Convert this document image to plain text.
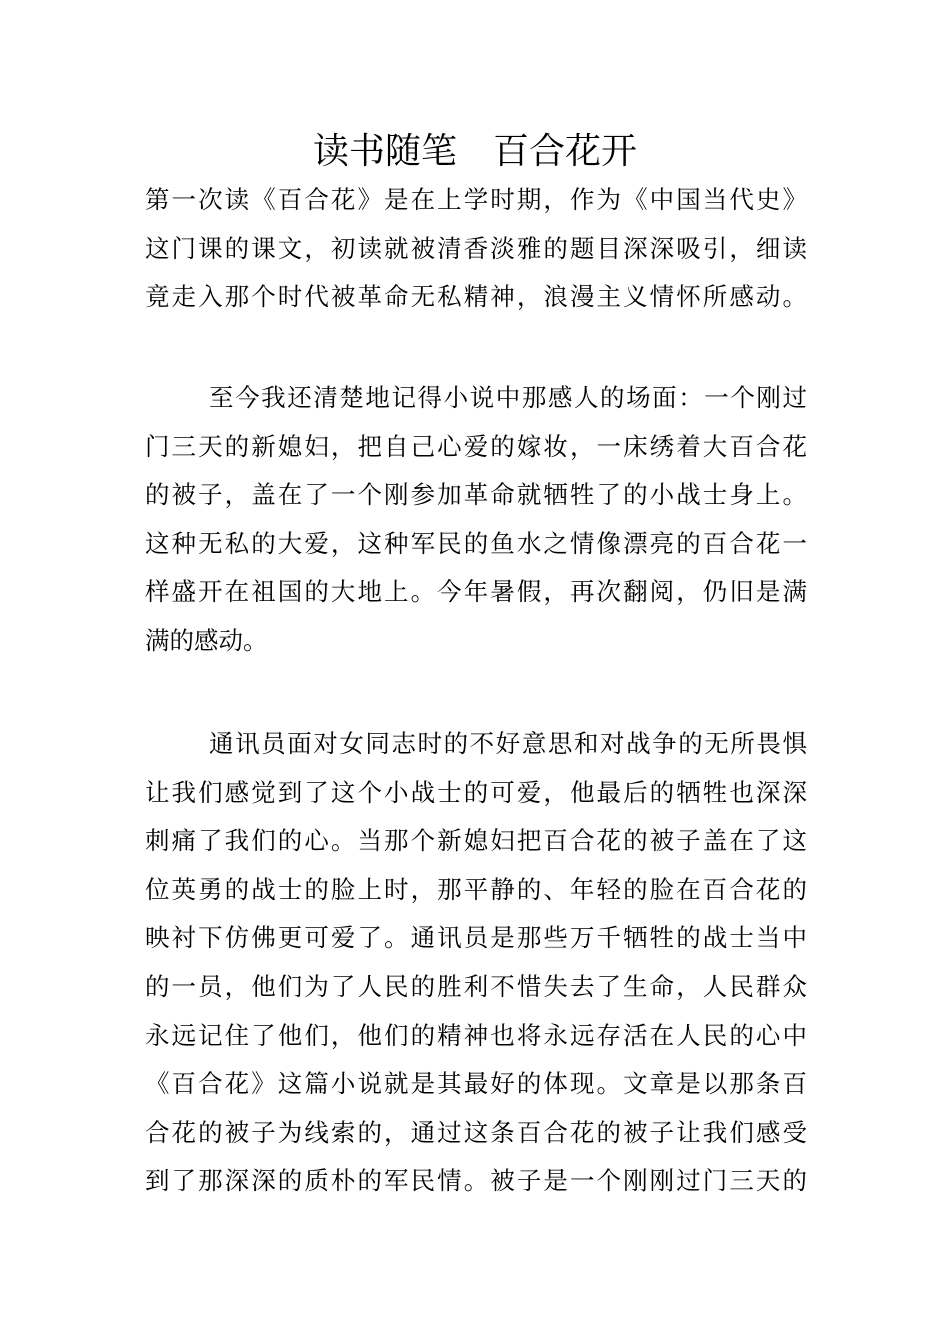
读书随笔　百合花开
第一次读《百合花》是在上学时期，作为《中国当代史》
这门课的课文，初读就被清香淡雅的题目深深吸引，细读
竟走入那个时代被革命无私精神，浪漫主义情怀所感动。
至今我还清楚地记得小说中那感人的场面：一个刚过
门三天的新媳妇，把自己心爱的嫁妆，一床绣着大百合花
的被子，盖在了一个刚参加革命就牺牲了的小战士身上。
这种无私的大爱，这种军民的鱼水之情像漂亮的百合花一
样盛开在祖国的大地上。今年暑假，再次翻阅，仍旧是满
满的感动。
通讯员面对女同志时的不好意思和对战争的无所畏惧
让我们感觉到了这个小战士的可爱，他最后的牺牲也深深
刺痛了我们的心。当那个新媳妇把百合花的被子盖在了这
位英勇的战士的脸上时，那平静的、年轻的脸在百合花的
映衬下仿佛更可爱了。通讯员是那些万千牺牲的战士当中
的一员，他们为了人民的胜利不惜失去了生命，人民群众
永远记住了他们，他们的精神也将永远存活在人民的心中
《百合花》这篇小说就是其最好的体现。文章是以那条百
合花的被子为线索的，通过这条百合花的被子让我们感受
到了那深深的质朴的军民情。被子是一个刚刚过门三天的
